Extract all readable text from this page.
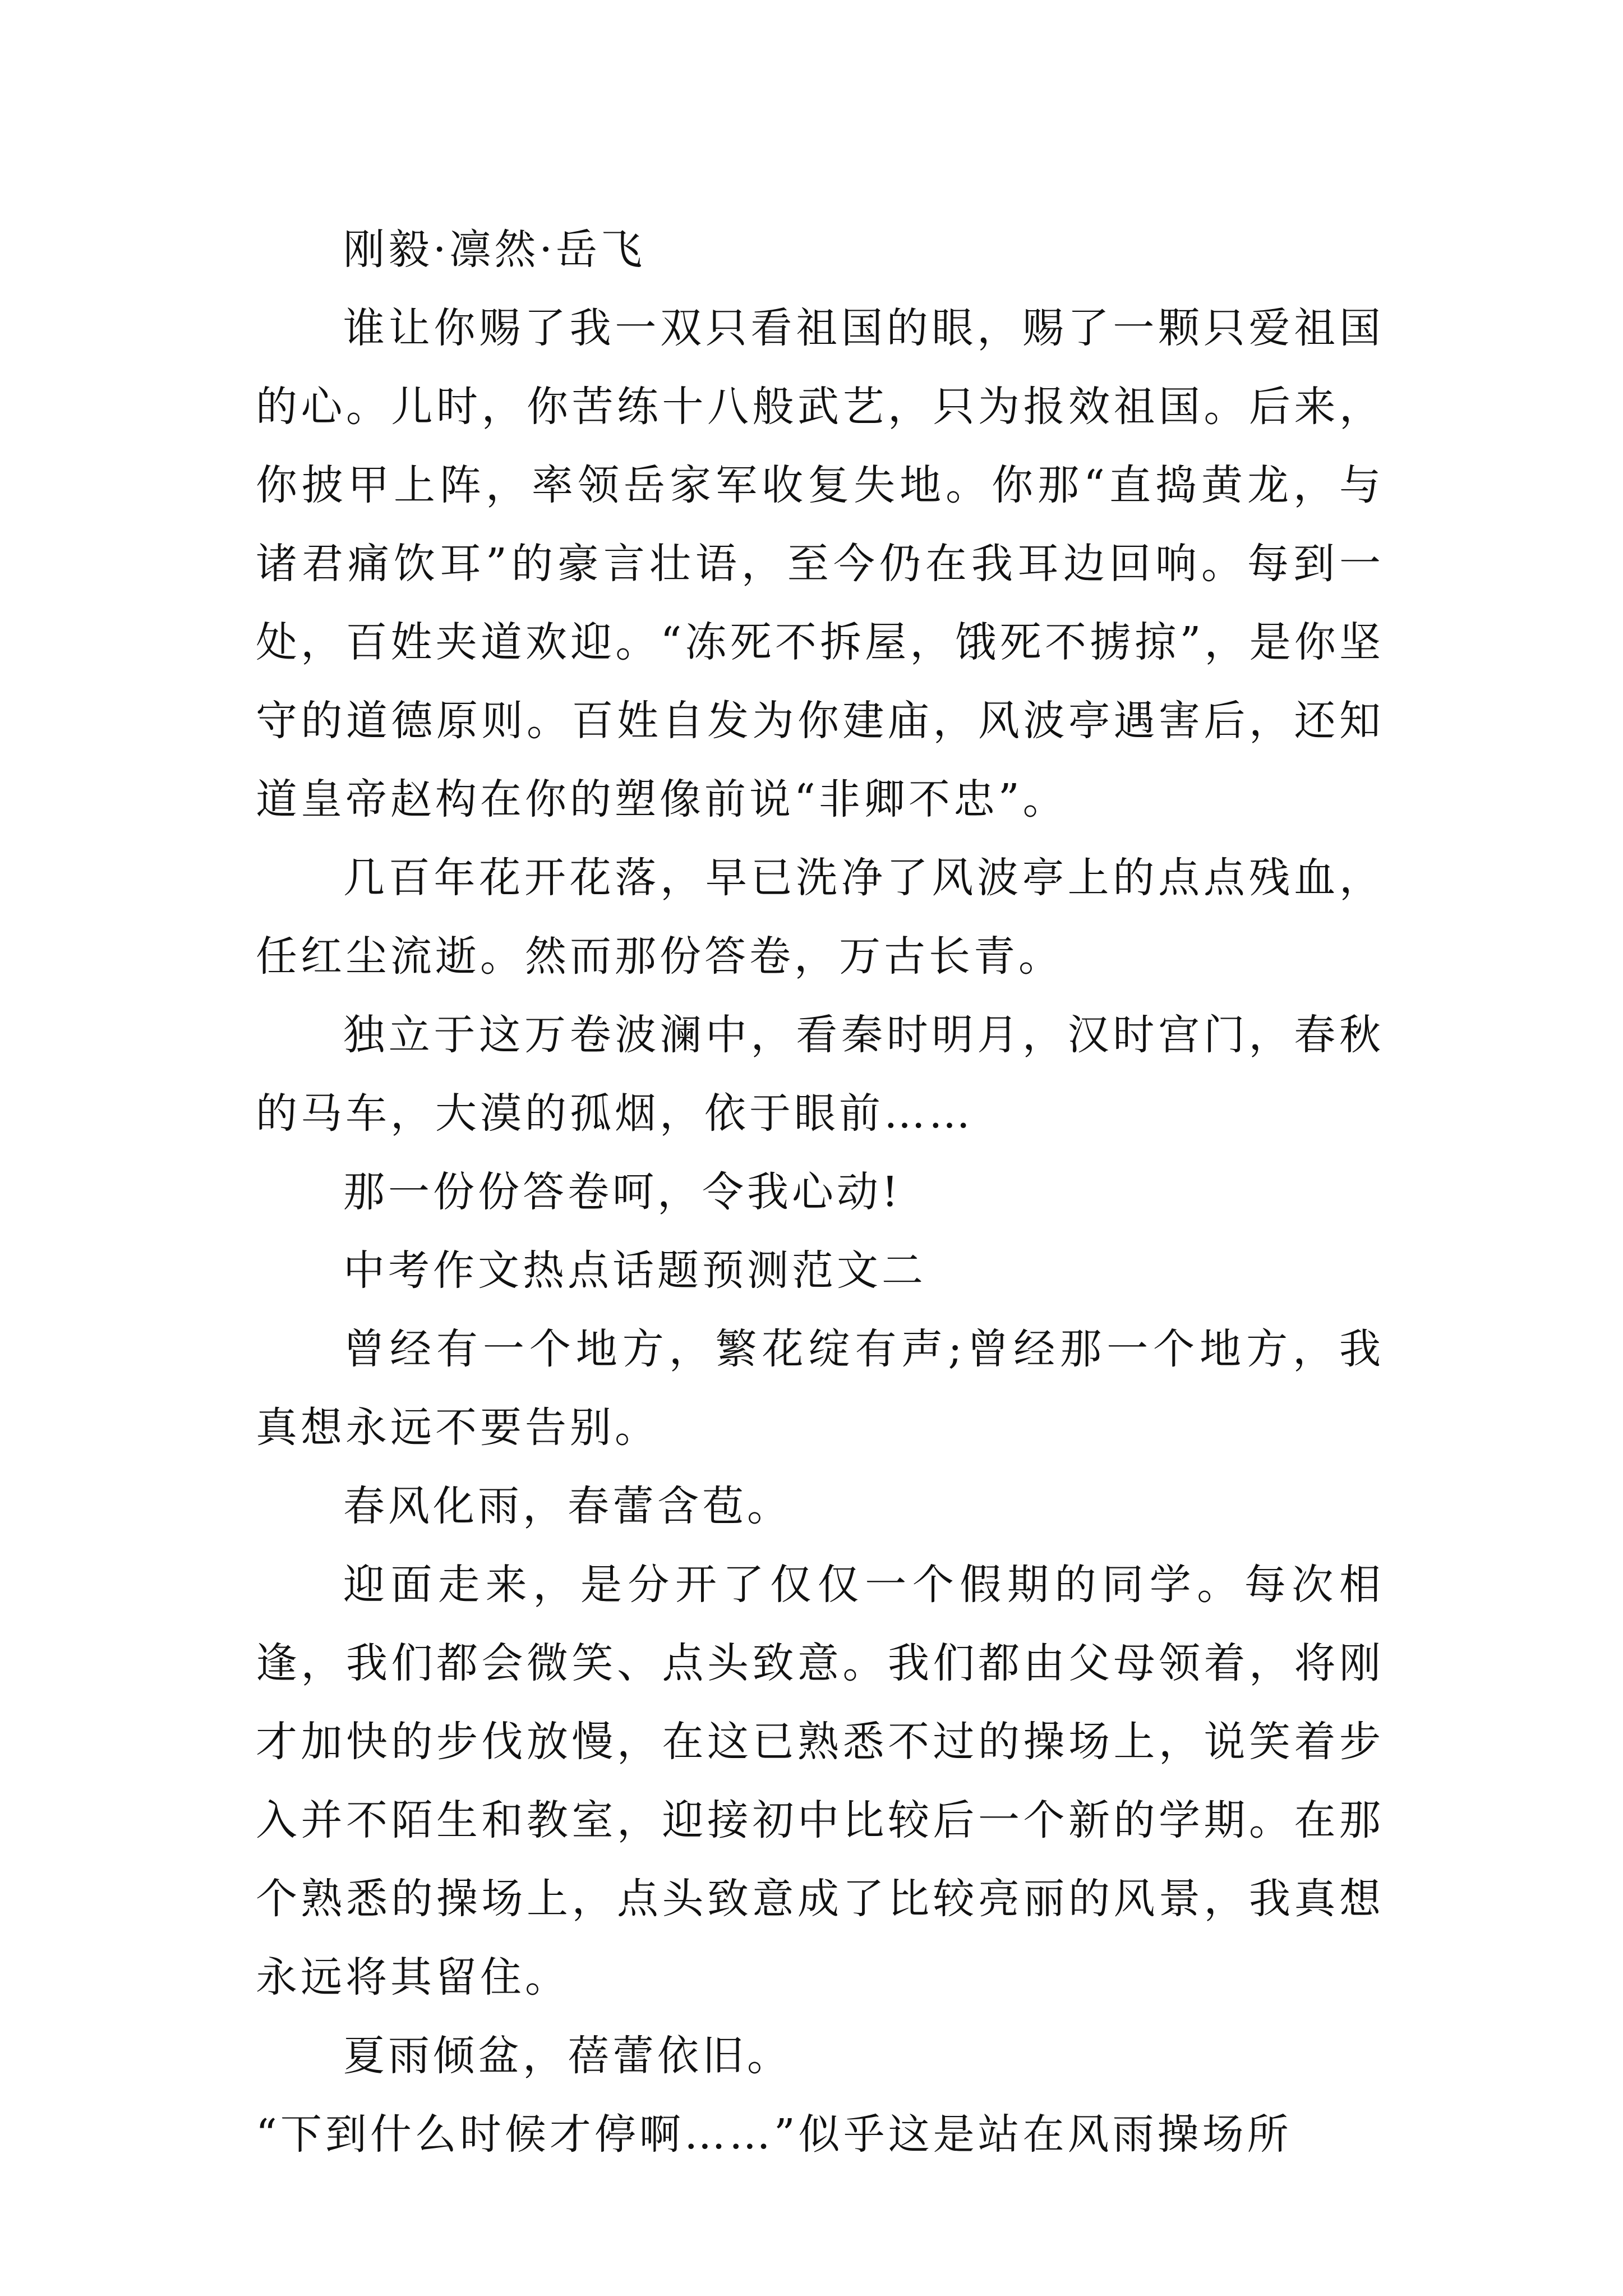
刚毅·凛然·岳飞

谁让你赐了我一双只看祖国的眼，赐了一颗只爱祖国的心。儿时，你苦练十八般武艺，只为报效祖国。后来，你披甲上阵，率领岳家军收复失地。你那“直捣黄龙，与诸君痛饮耳”的豪言壮语，至今仍在我耳边回响。每到一处，百姓夹道欢迎。“冻死不拆屋，饿死不掳掠”，是你坚守的道德原则。百姓自发为你建庙，风波亭遇害后，还知道皇帝赵构在你的塑像前说“非卿不忠”。

几百年花开花落，早已洗净了风波亭上的点点残血，任红尘流逝。然而那份答卷，万古长青。

独立于这万卷波澜中，看秦时明月，汉时宫门，春秋的马车，大漠的孤烟，依于眼前……

那一份份答卷呵，令我心动!

中考作文热点话题预测范文二

曾经有一个地方，繁花绽有声;曾经那一个地方，我真想永远不要告别。

春风化雨，春蕾含苞。

迎面走来，是分开了仅仅一个假期的同学。每次相逢，我们都会微笑、点头致意。我们都由父母领着，将刚才加快的步伐放慢，在这已熟悉不过的操场上，说笑着步入并不陌生和教室，迎接初中比较后一个新的学期。在那个熟悉的操场上，点头致意成了比较亮丽的风景，我真想永远将其留住。

夏雨倾盆，蓓蕾依旧。

“下到什么时候才停啊……”似乎这是站在风雨操场所
